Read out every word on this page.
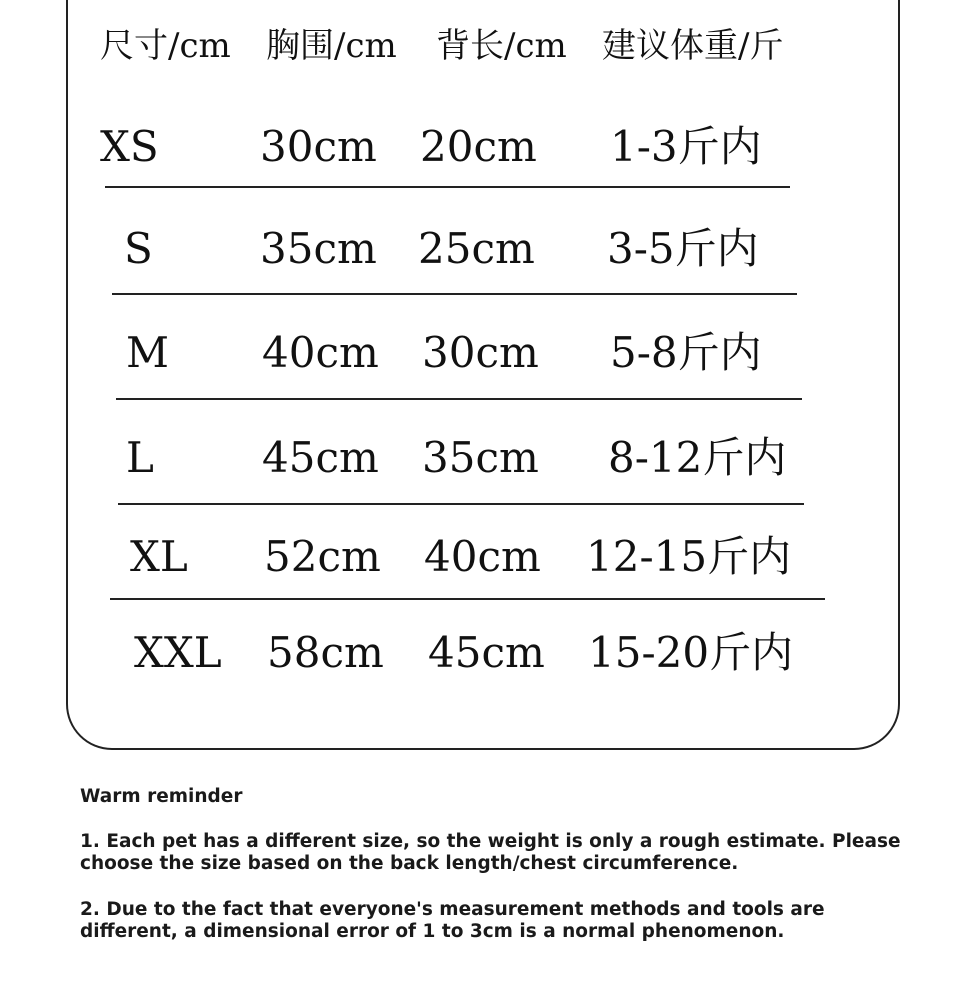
尺寸/cm 胸围/cm 背长/cm 建议体重/斤
XS 30cm 20cm 1-3斤内
S	35cm 25cm 3-5斤内
M 40cm 30cm 5-8斤内
L	45cm 35cm 8-12斤内
XL 52cm 40cm 12-15斤内
XXL 58cm 45cm 15-20斤内
Warm reminder
1. Each pet has a different size, so the weight is only a rough estimate. Please choose the size based on the back length/chest circumference.
2. Due to the fact that everyone's measurement methods and tools are different, a dimensional error of 1 to 3cm is a normal phenomenon.
